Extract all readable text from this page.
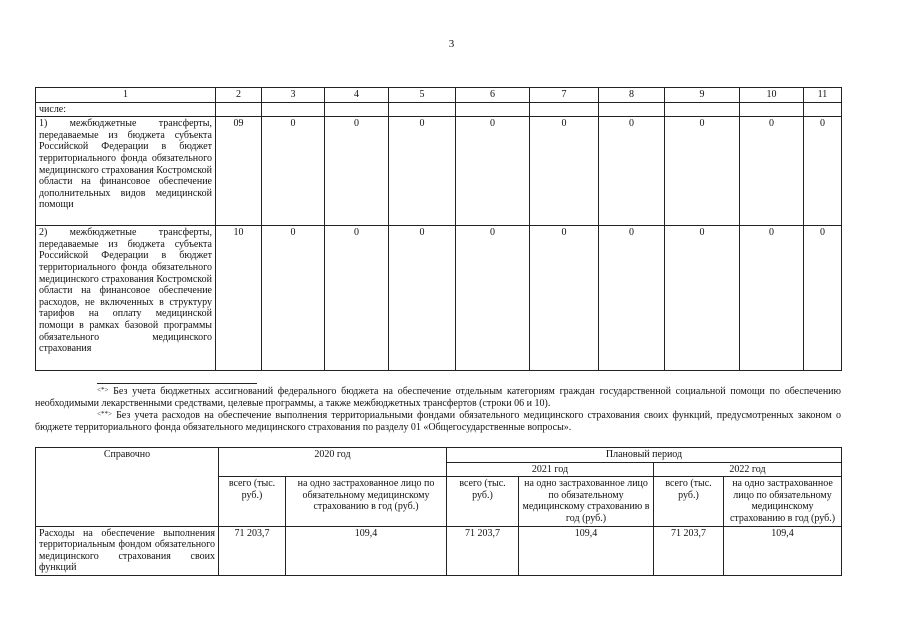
3
1	2	3	4	5	6	7	8	9	10	11
числе:										
1) межбюджетные трансферты, передаваемые из бюджета субъекта Российской Федерации в бюджет территориального фонда обязательного медицинского страхования Костромской области на финансовое обеспечение дополнительных видов медицинской помощи	09	0	0	0	0	0	0	0	0	0
2) межбюджетные трансферты, передаваемые из бюджета субъекта Российской Федерации в бюджет территориального фонда обязательного медицинского страхования Костромской области на финансовое обеспечение расходов, не включенных в структуру тарифов на оплату медицинской помощи в рамках базовой программы обязательного медицинского страхования	10	0	0	0	0	0	0	0	0	0

<*> Без учета бюджетных ассигнований федерального бюджета на обеспечение отдельным категориям граждан государственной социальной помощи по обеспечению необходимыми лекарственными средствами, целевые программы, а также межбюджетных трансфертов (строки 06 и 10).

<**> Без учета расходов на обеспечение выполнения территориальными фондами обязательного медицинского страхования своих функций, предусмотренных законом о бюджете территориального фонда обязательного медицинского страхования по разделу 01 «Общегосударственные вопросы».

Справочно	2020 год		Плановый период			
			2021 год		2022 год	
	всего (тыс. руб.)	на одно застрахованное лицо по обязательному медицинскому страхованию в год (руб.)	всего (тыс. руб.)	на одно застрахованное лицо по обязательному медицинскому страхованию в год (руб.)	всего (тыс. руб.)	на одно застрахованное лицо по обязательному медицинскому страхованию в год (руб.)
Расходы на обеспечение выполнения территориальным фондом обязательного медицинского страхования своих функций	71 203,7	109,4	71 203,7	109,4	71 203,7	109,4
